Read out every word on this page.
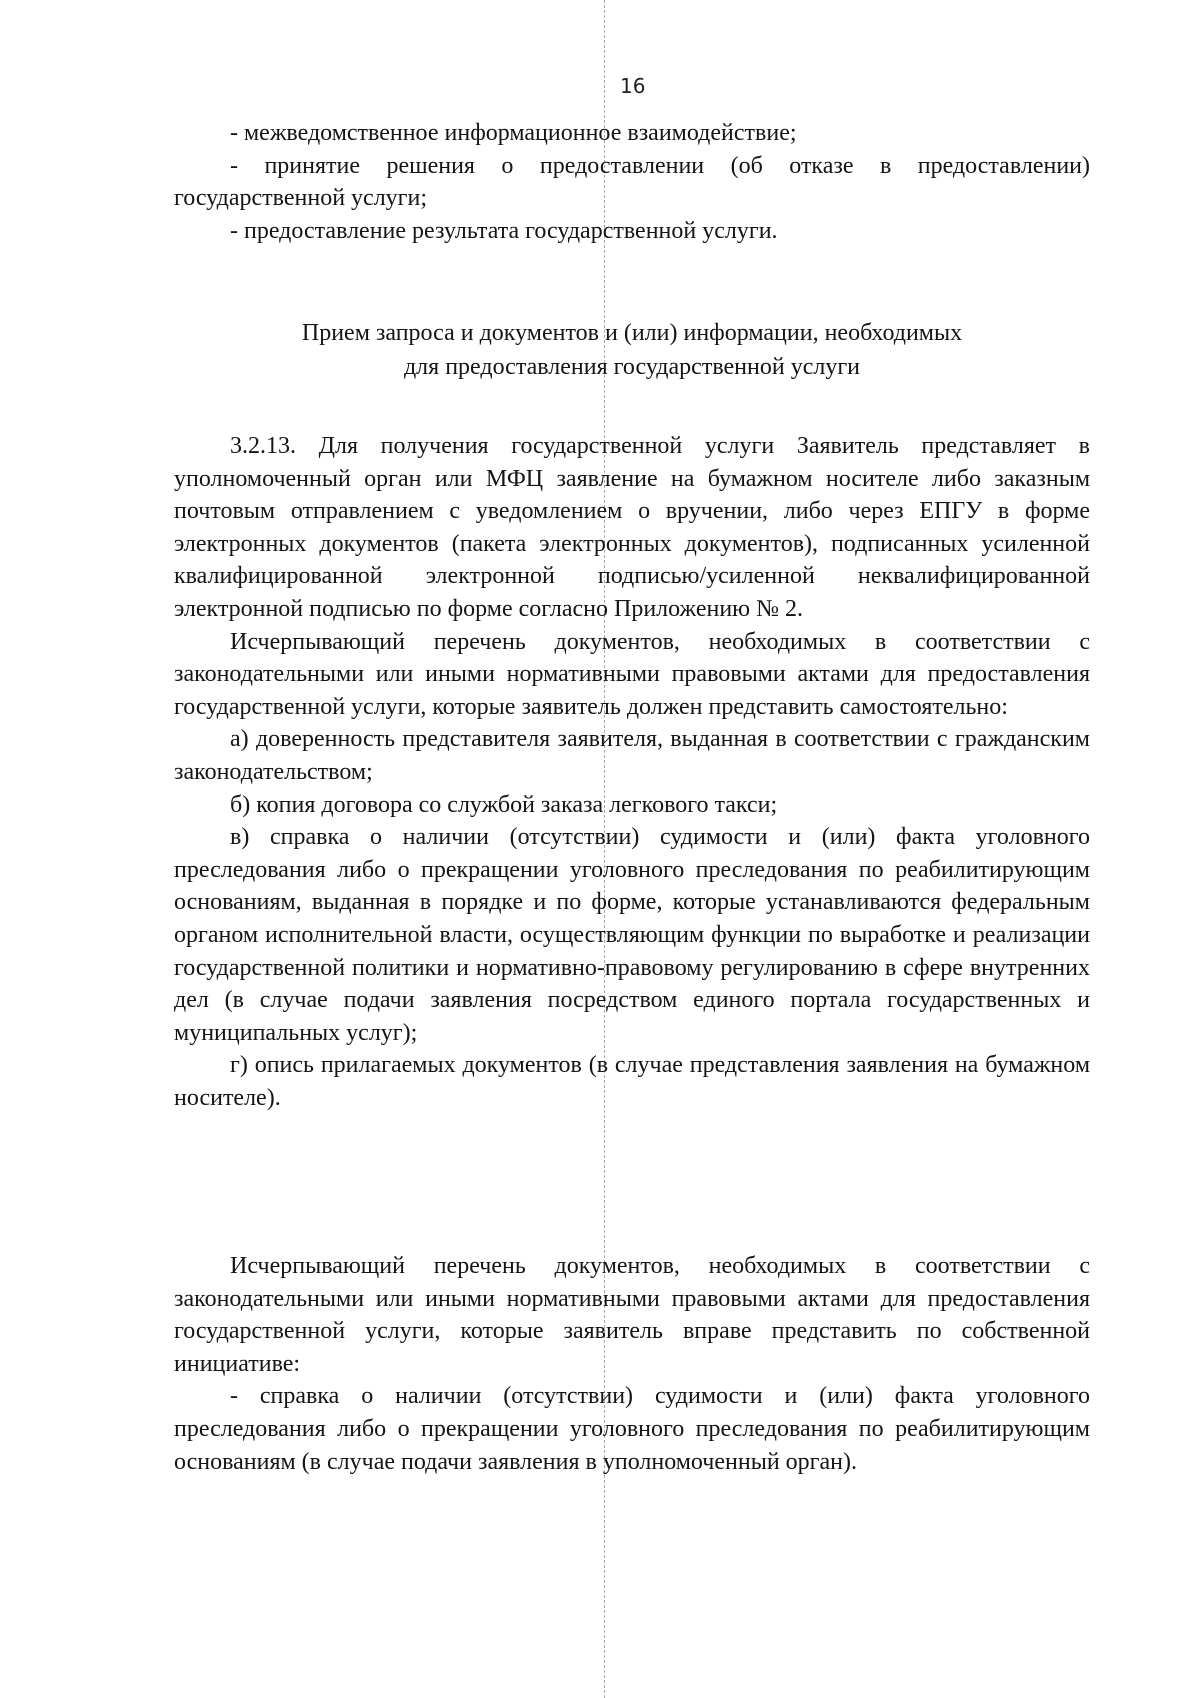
16

- межведомственное информационное взаимодействие;

- принятие решения о предоставлении (об отказе в предоставлении) государственной услуги;

- предоставление результата государственной услуги.

Прием запроса и документов и (или) информации, необходимых

для предоставления государственной услуги

3.2.13. Для получения государственной услуги Заявитель представляет в уполномоченный орган или МФЦ заявление на бумажном носителе либо заказным почтовым отправлением с уведомлением о вручении, либо через ЕПГУ в форме электронных документов (пакета электронных документов), подписанных усиленной квалифицированной электронной подписью/усиленной неквалифицированной электронной подписью по форме согласно Приложению № 2.

Исчерпывающий перечень документов, необходимых в соответствии с законодательными или иными нормативными правовыми актами для предоставления государственной услуги, которые заявитель должен представить самостоятельно:

а) доверенность представителя заявителя, выданная в соответствии с гражданским законодательством;

б) копия договора со службой заказа легкового такси;

в) справка о наличии (отсутствии) судимости и (или) факта уголовного преследования либо о прекращении уголовного преследования по реабилитирующим основаниям, выданная в порядке и по форме, которые устанавливаются федеральным органом исполнительной власти, осуществляющим функции по выработке и реализации государственной политики и нормативно-правовому регулированию в сфере внутренних дел (в случае подачи заявления посредством единого портала государственных и муниципальных услуг);

г) опись прилагаемых документов (в случае представления заявления на бумажном носителе).

Исчерпывающий перечень документов, необходимых в соответствии с законодательными или иными нормативными правовыми актами для предоставления государственной услуги, которые заявитель вправе представить по собственной инициативе:

- справка о наличии (отсутствии) судимости и (или) факта уголовного преследования либо о прекращении уголовного преследования по реабилитирующим основаниям (в случае подачи заявления в уполномоченный орган).
